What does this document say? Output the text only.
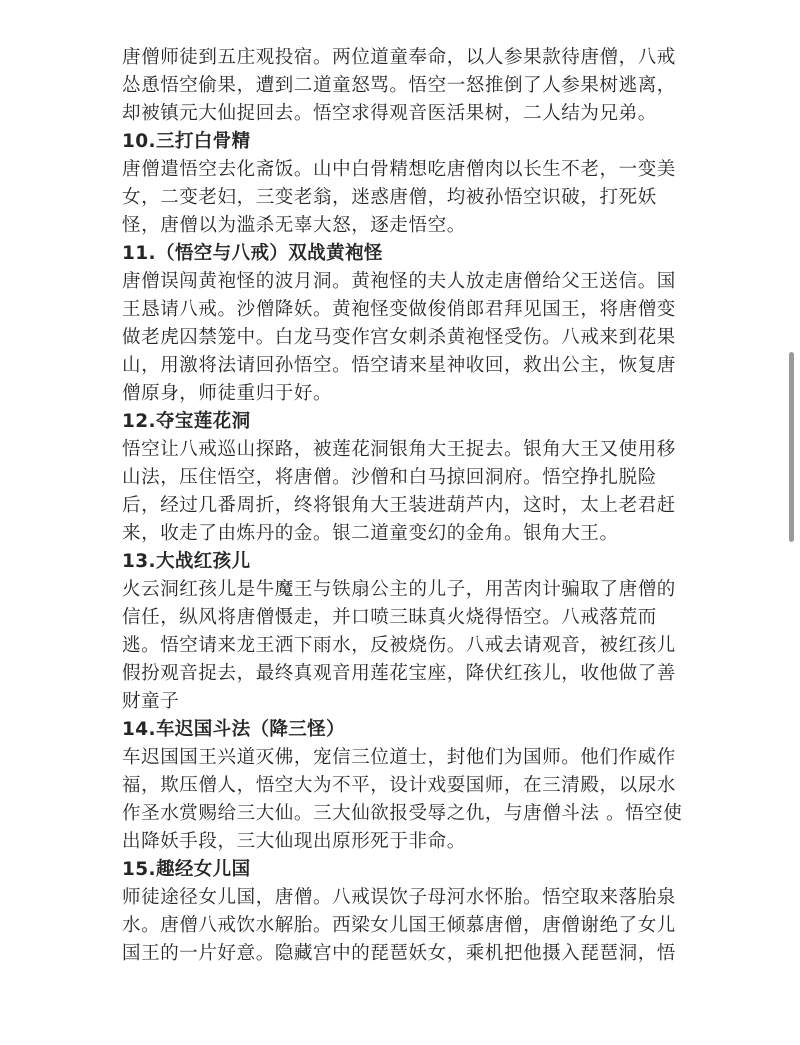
唐僧师徒到五庄观投宿。两位道童奉命，以人参果款待唐僧，八戒
怂恿悟空偷果，遭到二道童怒骂。悟空一怒推倒了人参果树逃离，
却被镇元大仙捉回去。悟空求得观音医活果树，二人结为兄弟。
10.三打白骨精
唐僧遣悟空去化斋饭。山中白骨精想吃唐僧肉以长生不老，一变美
女，二变老妇，三变老翁，迷惑唐僧，均被孙悟空识破，打死妖
怪，唐僧以为滥杀无辜大怒，逐走悟空。
11.（悟空与八戒）双战黄袍怪
唐僧误闯黄袍怪的波月洞。黄袍怪的夫人放走唐僧给父王送信。国
王恳请八戒。沙僧降妖。黄袍怪变做俊俏郎君拜见国王，将唐僧变
做老虎囚禁笼中。白龙马变作宫女刺杀黄袍怪受伤。八戒来到花果
山，用激将法请回孙悟空。悟空请来星神收回，救出公主，恢复唐
僧原身，师徒重归于好。
12.夺宝莲花洞
悟空让八戒巡山探路，被莲花洞银角大王捉去。银角大王又使用移
山法，压住悟空，将唐僧。沙僧和白马掠回洞府。悟空挣扎脱险
后，经过几番周折，终将银角大王装进葫芦内，这时，太上老君赶
来，收走了由炼丹的金。银二道童变幻的金角。银角大王。
13.大战红孩儿
火云洞红孩儿是牛魔王与铁扇公主的儿子，用苦肉计骗取了唐僧的
信任，纵风将唐僧慑走，并口喷三昧真火烧得悟空。八戒落荒而
逃。悟空请来龙王洒下雨水，反被烧伤。八戒去请观音，被红孩儿
假扮观音捉去，最终真观音用莲花宝座，降伏红孩儿，收他做了善
财童子
14.车迟国斗法（降三怪）
车迟国国王兴道灭佛，宠信三位道士，封他们为国师。他们作威作
福，欺压僧人，悟空大为不平，设计戏耍国师，在三清殿，以尿水
作圣水赏赐给三大仙。三大仙欲报受辱之仇，与唐僧斗法 。悟空使
出降妖手段，三大仙现出原形死于非命。
15.趣经女儿国
师徒途径女儿国，唐僧。八戒误饮子母河水怀胎。悟空取来落胎泉
水。唐僧八戒饮水解胎。西梁女儿国王倾慕唐僧，唐僧谢绝了女儿
国王的一片好意。隐藏宫中的琵琶妖女，乘机把他摄入琵琶洞，悟
